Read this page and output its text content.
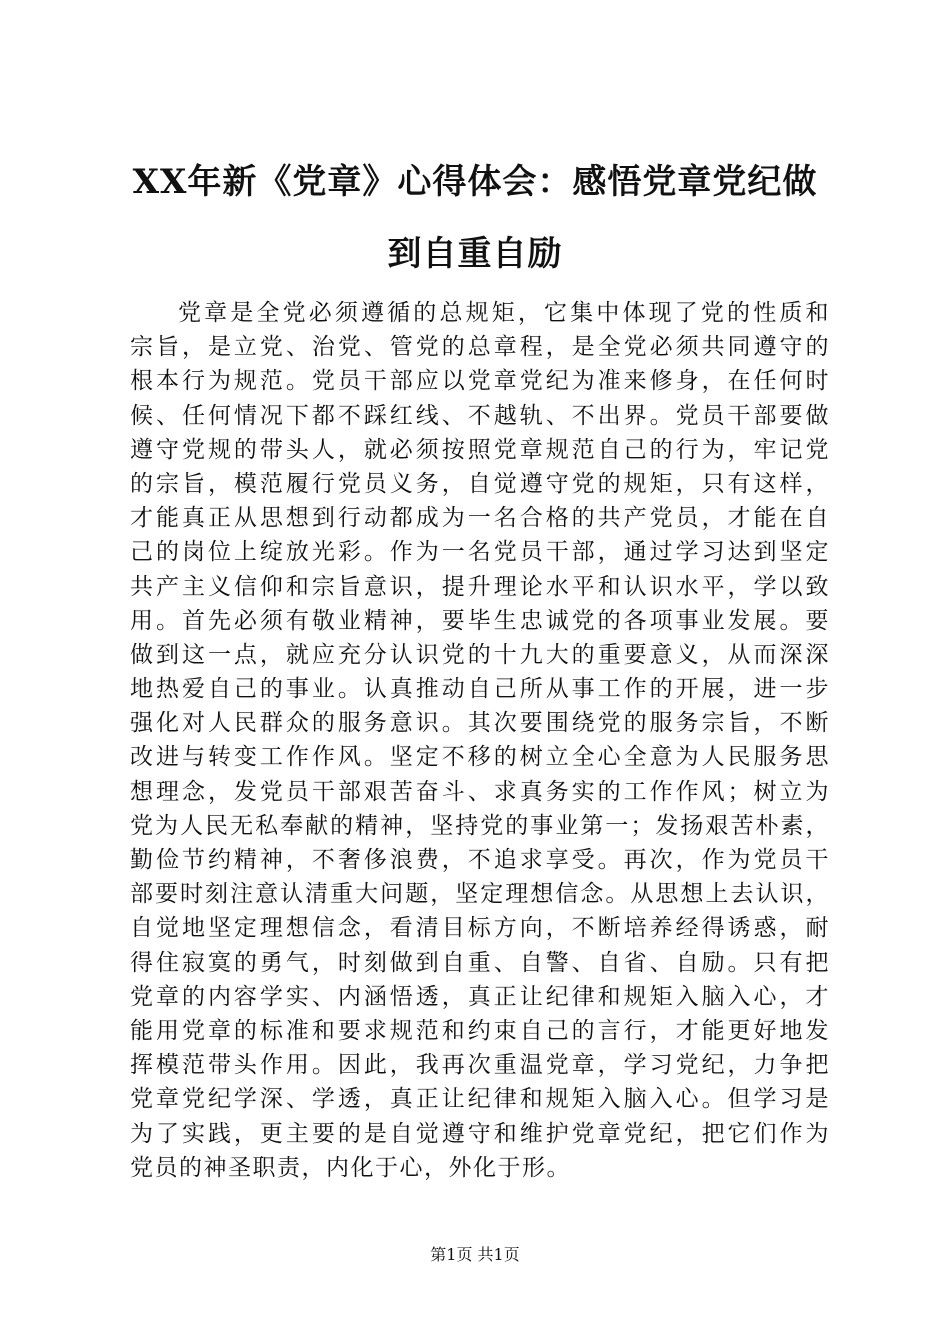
XX年新《党章》心得体会：感悟党章党纪做
到自重自励
党章是全党必须遵循的总规矩，它集中体现了党的性质和
宗旨，是立党、治党、管党的总章程，是全党必须共同遵守的
根本行为规范。党员干部应以党章党纪为准来修身，在任何时
候、任何情况下都不踩红线、不越轨、不出界。党员干部要做
遵守党规的带头人，就必须按照党章规范自己的行为，牢记党
的宗旨，模范履行党员义务，自觉遵守党的规矩，只有这样，
才能真正从思想到行动都成为一名合格的共产党员，才能在自
己的岗位上绽放光彩。作为一名党员干部，通过学习达到坚定
共产主义信仰和宗旨意识，提升理论水平和认识水平，学以致
用。首先必须有敬业精神，要毕生忠诚党的各项事业发展。要
做到这一点，就应充分认识党的十九大的重要意义，从而深深
地热爱自己的事业。认真推动自己所从事工作的开展，进一步
强化对人民群众的服务意识。其次要围绕党的服务宗旨，不断
改进与转变工作作风。坚定不移的树立全心全意为人民服务思
想理念，发党员干部艰苦奋斗、求真务实的工作作风；树立为
党为人民无私奉献的精神，坚持党的事业第一；发扬艰苦朴素，
勤俭节约精神，不奢侈浪费，不追求享受。再次，作为党员干
部要时刻注意认清重大问题，坚定理想信念。从思想上去认识，
自觉地坚定理想信念，看清目标方向，不断培养经得诱惑，耐
得住寂寞的勇气，时刻做到自重、自警、自省、自励。只有把
党章的内容学实、内涵悟透，真正让纪律和规矩入脑入心，才
能用党章的标准和要求规范和约束自己的言行，才能更好地发
挥模范带头作用。因此，我再次重温党章，学习党纪，力争把
党章党纪学深、学透，真正让纪律和规矩入脑入心。但学习是
为了实践，更主要的是自觉遵守和维护党章党纪，把它们作为
党员的神圣职责，内化于心，外化于形。
第1页 共1页
